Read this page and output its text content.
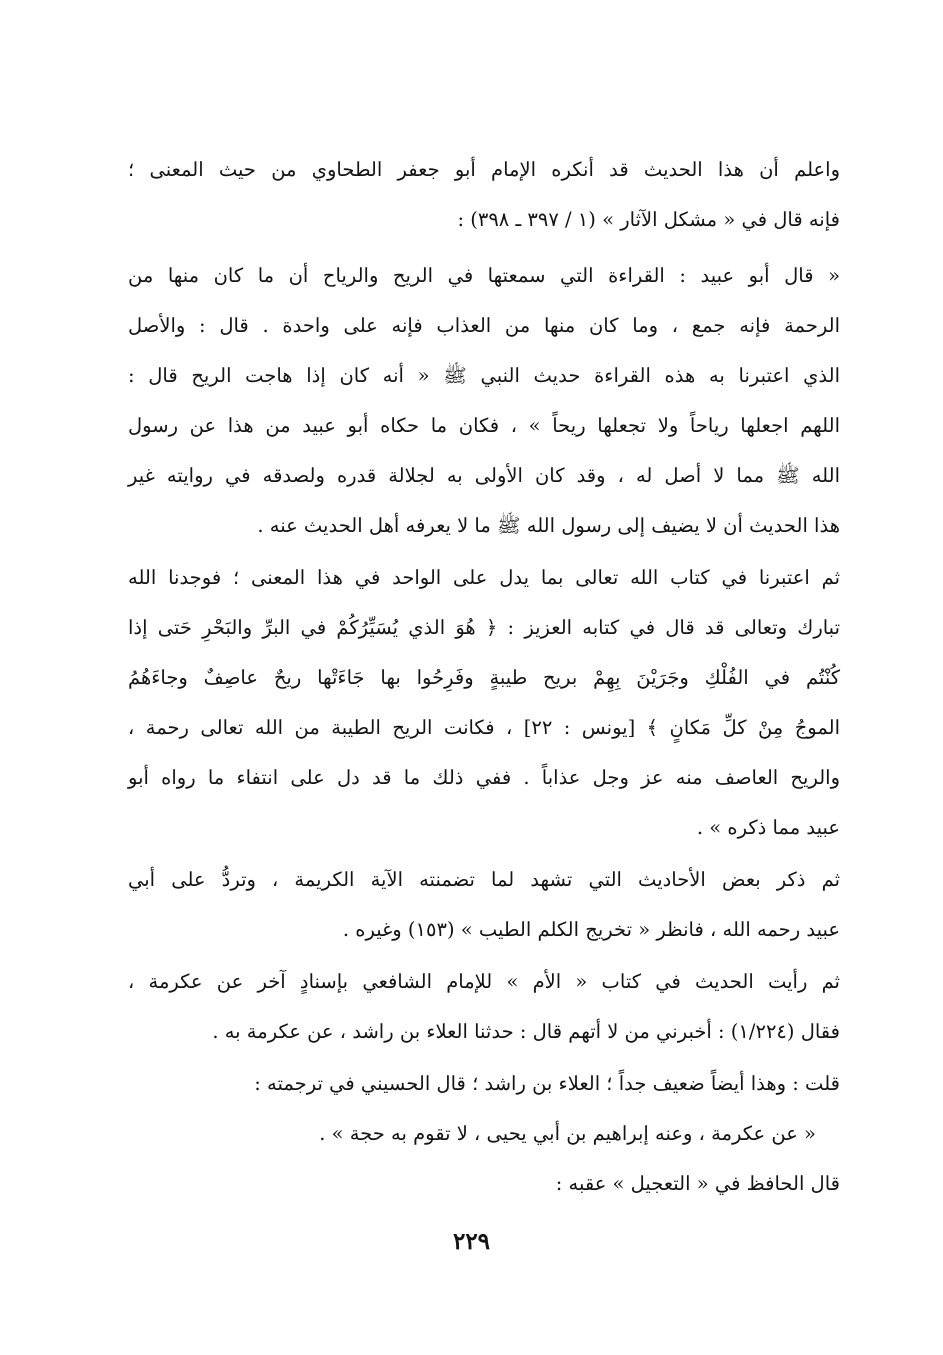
واعلم أن هذا الحديث قد أنكره الإمام أبو جعفر الطحاوي من حيث المعنى ؛
فإنه قال في « مشكل الآثار » (١ / ٣٩٧ ـ ٣٩٨) :
« قال أبو عبيد : القراءة التي سمعتها في الريح والرياح أن ما كان منها من
الرحمة فإنه جمع ، وما كان منها من العذاب فإنه على واحدة . قال : والأصل
الذي اعتبرنا به هذه القراءة حديث النبي ﷺ « أنه كان إذا هاجت الريح قال :
اللهم اجعلها رياحاً ولا تجعلها ريحاً » ، فكان ما حكاه أبو عبيد من هذا عن رسول
الله ﷺ مما لا أصل له ، وقد كان الأولى به لجلالة قدره ولصدقه في روايته غير
هذا الحديث أن لا يضيف إلى رسول الله ﷺ ما لا يعرفه أهل الحديث عنه .
ثم اعتبرنا في كتاب الله تعالى بما يدل على الواحد في هذا المعنى ؛ فوجدنا الله
تبارك وتعالى قد قال في كتابه العزيز : ﴿ هُوَ الذي يُسَيِّرُكُمْ في البرِّ والبَحْرِ حَتى إذا
كُنْتُم في الفُلْكِ وجَرَيْنَ بِهِمْ بريح طيبةٍ وفَرِحُوا بها جَاءَتْها ريحٌ عاصِفٌ وجاءَهُمُ
الموجُ مِنْ كلِّ مَكانٍ ﴾ [يونس : ٢٢] ، فكانت الريح الطيبة من الله تعالى رحمة ،
والريح العاصف منه عز وجل عذاباً . ففي ذلك ما قد دل على انتفاء ما رواه أبو
عبيد مما ذكره » .
ثم ذكر بعض الأحاديث التي تشهد لما تضمنته الآية الكريمة ، وتردُّ على أبي
عبيد رحمه الله ، فانظر « تخريج الكلم الطيب » (١٥٣) وغيره .
ثم رأيت الحديث في كتاب « الأم » للإمام الشافعي بإسنادٍ آخر عن عكرمة ،
فقال (١/٢٢٤) : أخبرني من لا أتهم قال : حدثنا العلاء بن راشد ، عن عكرمة به .
قلت : وهذا أيضاً ضعيف جداً ؛ العلاء بن راشد ؛ قال الحسيني في ترجمته :
« عن عكرمة ، وعنه إبراهيم بن أبي يحيى ، لا تقوم به حجة » .
قال الحافظ في « التعجيل » عقبه :
٢٢٩
